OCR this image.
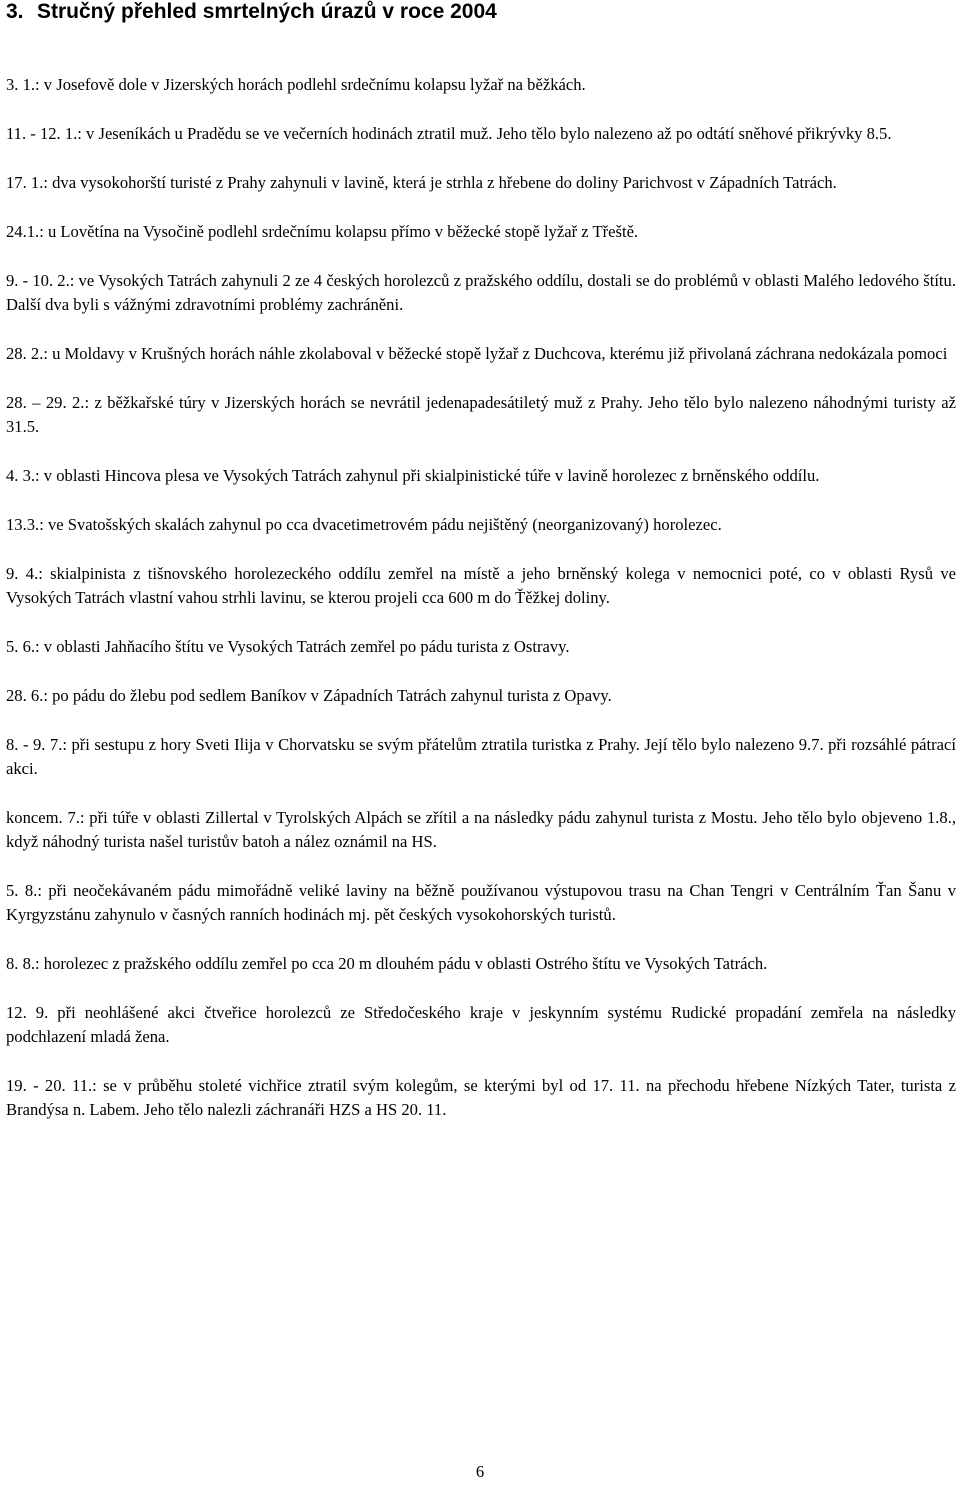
3. Stručný přehled smrtelných úrazů v roce 2004

3. 1.: v Josefově dole v Jizerských horách podlehl srdečnímu kolapsu lyžař na běžkách.

11. - 12. 1.: v Jeseníkách u Pradědu se ve večerních hodinách ztratil muž. Jeho tělo bylo nalezeno až po odtátí sněhové přikrývky 8.5.

17. 1.: dva vysokohorští turisté z Prahy zahynuli v lavině, která je strhla z hřebene do doliny Parichvost v Západních Tatrách.

24.1.: u Lovětína na Vysočině podlehl srdečnímu kolapsu přímo v běžecké stopě lyžař z Třeště.

9. - 10. 2.: ve Vysokých Tatrách zahynuli 2 ze 4 českých horolezců z pražského oddílu, dostali se do problémů v oblasti Malého ledového štítu. Další dva byli s vážnými zdravotními problémy zachráněni.

28. 2.: u Moldavy v Krušných horách náhle zkolaboval v běžecké stopě lyžař z Duchcova, kterému již přivolaná záchrana nedokázala pomoci

28. – 29. 2.: z běžkařské túry v Jizerských horách se nevrátil jedenapadesátiletý muž z Prahy. Jeho tělo bylo nalezeno náhodnými turisty až 31.5.

4. 3.: v oblasti Hincova plesa ve Vysokých Tatrách zahynul při skialpinistické túře v lavině horolezec z brněnského oddílu.

13.3.: ve Svatošských skalách zahynul po cca dvacetimetrovém pádu nejištěný (neorganizovaný) horolezec.

9. 4.: skialpinista z tišnovského horolezeckého oddílu zemřel na místě a jeho brněnský kolega v nemocnici poté, co v oblasti Rysů ve Vysokých Tatrách vlastní vahou strhli lavinu, se kterou projeli cca 600 m do Ťěžkej doliny.

5. 6.: v oblasti Jahňacího štítu ve Vysokých Tatrách zemřel po pádu turista z Ostravy.

28. 6.: po pádu do žlebu pod sedlem Baníkov v Západních Tatrách zahynul turista z Opavy.

8. - 9. 7.: při sestupu z hory Sveti Ilija v Chorvatsku se svým přátelům ztratila turistka z Prahy. Její tělo bylo nalezeno 9.7. při rozsáhlé pátrací akci.

koncem. 7.: při túře v oblasti Zillertal v Tyrolských Alpách se zřítil a na následky pádu zahynul turista z Mostu. Jeho tělo bylo objeveno 1.8., když náhodný turista našel turistův batoh a nález oznámil na HS.

5. 8.: při neočekávaném pádu mimořádně veliké laviny na běžně používanou výstupovou trasu na Chan Tengri v Centrálním Ťan Šanu v Kyrgyzstánu zahynulo v časných ranních hodinách mj. pět českých vysokohorských turistů.

8. 8.: horolezec z pražského oddílu zemřel po cca 20 m dlouhém pádu v oblasti Ostrého štítu ve Vysokých Tatrách.

12. 9. při neohlášené akci čtveřice horolezců ze Středočeského kraje v jeskynním systému Rudické propadání zemřela na následky podchlazení mladá žena.

19. - 20. 11.: se v průběhu stoleté vichřice ztratil svým kolegům, se kterými byl od 17. 11. na přechodu hřebene Nízkých Tater, turista z Brandýsa n. Labem. Jeho tělo nalezli záchranáři HZS a HS 20. 11.

6
